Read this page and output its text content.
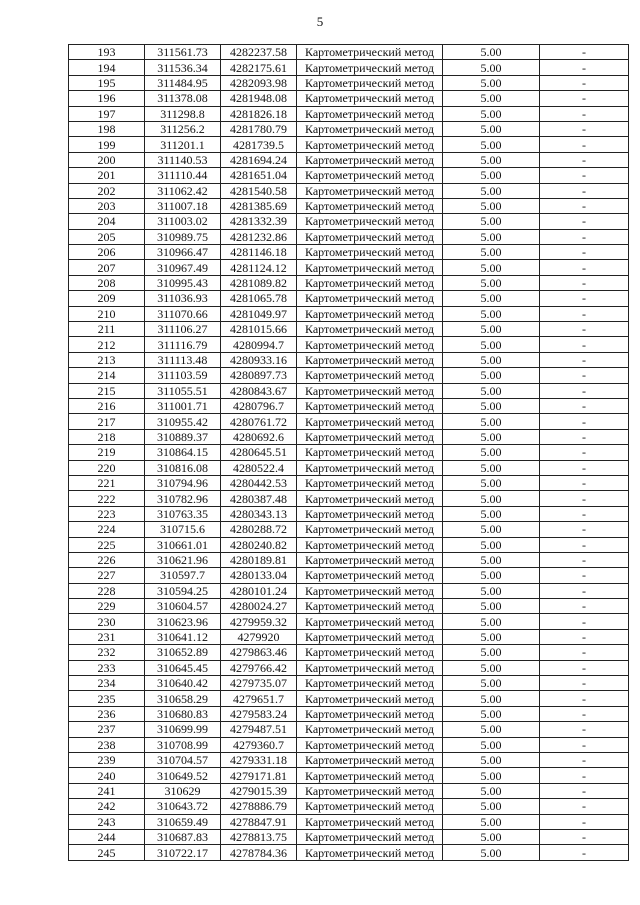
5
193	311561.73	4282237.58	Картометрический метод	5.00	-
194	311536.34	4282175.61	Картометрический метод	5.00	-
195	311484.95	4282093.98	Картометрический метод	5.00	-
196	311378.08	4281948.08	Картометрический метод	5.00	-
197	311298.8	4281826.18	Картометрический метод	5.00	-
198	311256.2	4281780.79	Картометрический метод	5.00	-
199	311201.1	4281739.5	Картометрический метод	5.00	-
200	311140.53	4281694.24	Картометрический метод	5.00	-
201	311110.44	4281651.04	Картометрический метод	5.00	-
202	311062.42	4281540.58	Картометрический метод	5.00	-
203	311007.18	4281385.69	Картометрический метод	5.00	-
204	311003.02	4281332.39	Картометрический метод	5.00	-
205	310989.75	4281232.86	Картометрический метод	5.00	-
206	310966.47	4281146.18	Картометрический метод	5.00	-
207	310967.49	4281124.12	Картометрический метод	5.00	-
208	310995.43	4281089.82	Картометрический метод	5.00	-
209	311036.93	4281065.78	Картометрический метод	5.00	-
210	311070.66	4281049.97	Картометрический метод	5.00	-
211	311106.27	4281015.66	Картометрический метод	5.00	-
212	311116.79	4280994.7	Картометрический метод	5.00	-
213	311113.48	4280933.16	Картометрический метод	5.00	-
214	311103.59	4280897.73	Картометрический метод	5.00	-
215	311055.51	4280843.67	Картометрический метод	5.00	-
216	311001.71	4280796.7	Картометрический метод	5.00	-
217	310955.42	4280761.72	Картометрический метод	5.00	-
218	310889.37	4280692.6	Картометрический метод	5.00	-
219	310864.15	4280645.51	Картометрический метод	5.00	-
220	310816.08	4280522.4	Картометрический метод	5.00	-
221	310794.96	4280442.53	Картометрический метод	5.00	-
222	310782.96	4280387.48	Картометрический метод	5.00	-
223	310763.35	4280343.13	Картометрический метод	5.00	-
224	310715.6	4280288.72	Картометрический метод	5.00	-
225	310661.01	4280240.82	Картометрический метод	5.00	-
226	310621.96	4280189.81	Картометрический метод	5.00	-
227	310597.7	4280133.04	Картометрический метод	5.00	-
228	310594.25	4280101.24	Картометрический метод	5.00	-
229	310604.57	4280024.27	Картометрический метод	5.00	-
230	310623.96	4279959.32	Картометрический метод	5.00	-
231	310641.12	4279920	Картометрический метод	5.00	-
232	310652.89	4279863.46	Картометрический метод	5.00	-
233	310645.45	4279766.42	Картометрический метод	5.00	-
234	310640.42	4279735.07	Картометрический метод	5.00	-
235	310658.29	4279651.7	Картометрический метод	5.00	-
236	310680.83	4279583.24	Картометрический метод	5.00	-
237	310699.99	4279487.51	Картометрический метод	5.00	-
238	310708.99	4279360.7	Картометрический метод	5.00	-
239	310704.57	4279331.18	Картометрический метод	5.00	-
240	310649.52	4279171.81	Картометрический метод	5.00	-
241	310629	4279015.39	Картометрический метод	5.00	-
242	310643.72	4278886.79	Картометрический метод	5.00	-
243	310659.49	4278847.91	Картометрический метод	5.00	-
244	310687.83	4278813.75	Картометрический метод	5.00	-
245	310722.17	4278784.36	Картометрический метод	5.00	-
